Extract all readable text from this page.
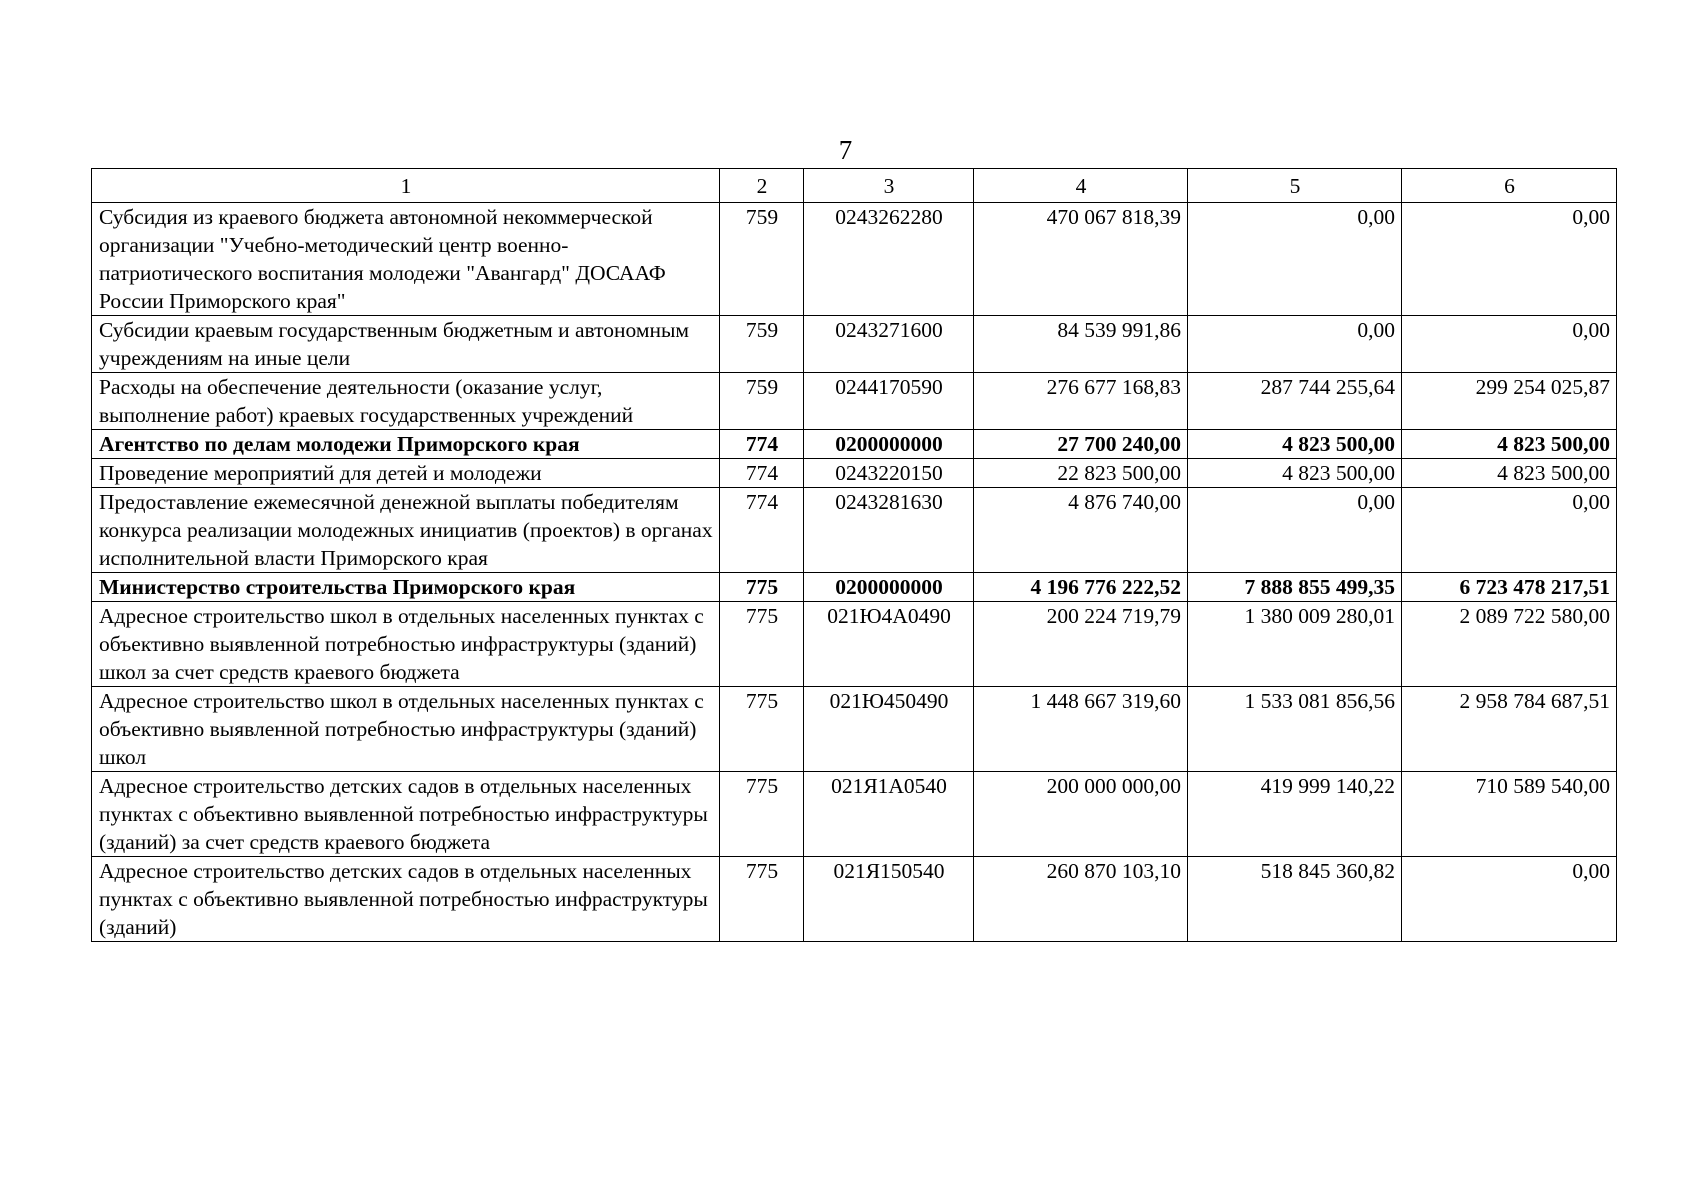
7
1	2	3	4	5	6
Субсидия из краевого бюджета автономной некоммерческой организации "Учебно-методический центр военно-патриотического воспитания молодежи "Авангард" ДОСААФ России Приморского края"	759	0243262280	470 067 818,39	0,00	0,00
Субсидии краевым государственным бюджетным и автономным учреждениям на иные цели	759	0243271600	84 539 991,86	0,00	0,00
Расходы на обеспечение деятельности (оказание услуг, выполнение работ) краевых государственных учреждений	759	0244170590	276 677 168,83	287 744 255,64	299 254 025,87
Агентство по делам молодежи Приморского края	774	0200000000	27 700 240,00	4 823 500,00	4 823 500,00
Проведение мероприятий для детей и молодежи	774	0243220150	22 823 500,00	4 823 500,00	4 823 500,00
Предоставление ежемесячной денежной выплаты победителям конкурса реализации молодежных инициатив (проектов) в органах исполнительной власти Приморского края	774	0243281630	4 876 740,00	0,00	0,00
Министерство строительства Приморского края	775	0200000000	4 196 776 222,52	7 888 855 499,35	6 723 478 217,51
Адресное строительство школ в отдельных населенных пунктах с объективно выявленной потребностью инфраструктуры (зданий) школ за счет средств краевого бюджета	775	021Ю4А0490	200 224 719,79	1 380 009 280,01	2 089 722 580,00
Адресное строительство школ в отдельных населенных пунктах с объективно выявленной потребностью инфраструктуры (зданий) школ	775	021Ю450490	1 448 667 319,60	1 533 081 856,56	2 958 784 687,51
Адресное строительство детских садов в отдельных населенных пунктах с объективно выявленной потребностью инфраструктуры (зданий) за счет средств краевого бюджета	775	021Я1А0540	200 000 000,00	419 999 140,22	710 589 540,00
Адресное строительство детских садов в отдельных населенных пунктах с объективно выявленной потребностью инфраструктуры (зданий)	775	021Я150540	260 870 103,10	518 845 360,82	0,00
